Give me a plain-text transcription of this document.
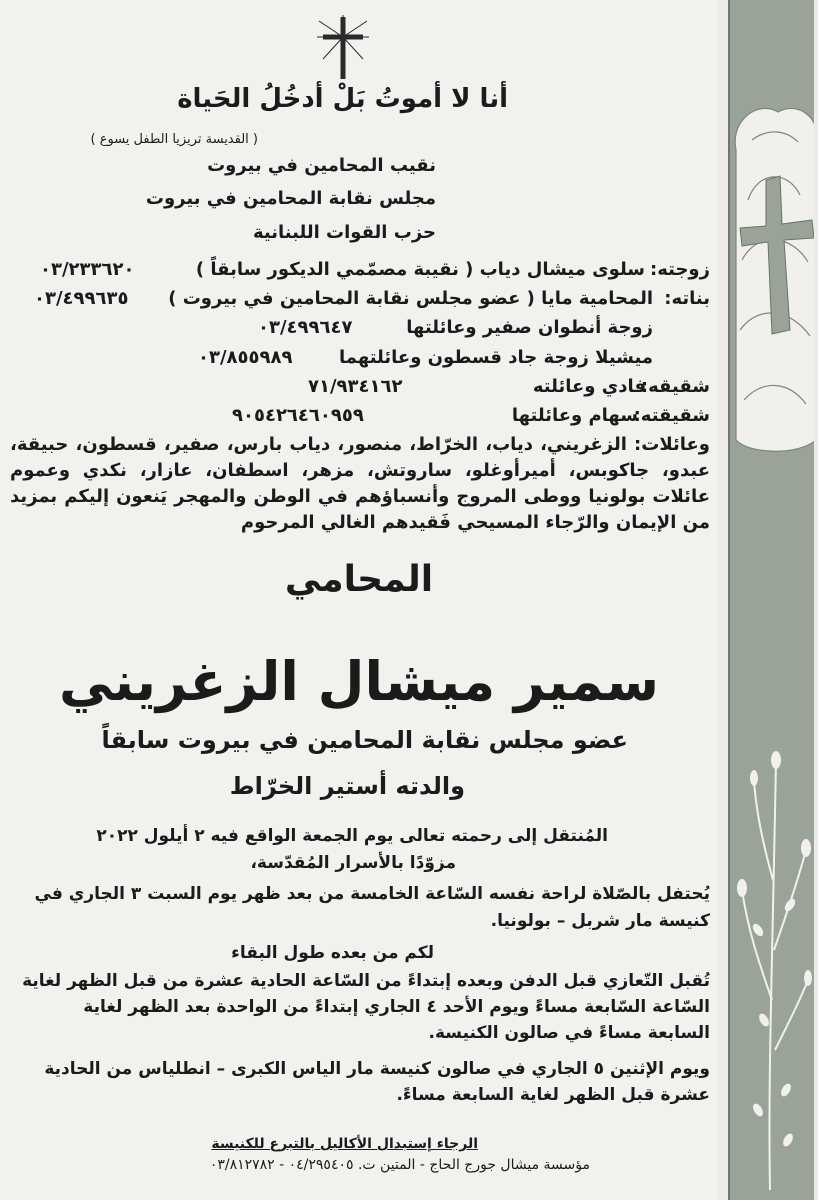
أنا لا أموتُ بَلْ أدخُلُ الحَياة
( القديسة تريزيا الطفل يسوع )
نقيب المحامين في بيروت
مجلس نقابة المحامين في بيروت
حزب القوات اللبنانية
زوجته:
سلوى ميشال دياب ( نقيبة مصمّمي الديكور سابقاً )
٠٣/٢٣٣٦٢٠
بناته:
المحامية مايا ( عضو مجلس نقابة المحامين في بيروت )
٠٣/٤٩٩٦٣٥
زوجة أنطوان صفير وعائلتها
٠٣/٤٩٩٦٤٧
ميشيلا زوجة جاد قسطون وعائلتهما
٠٣/٨٥٥٩٨٩
شقيقه:
فادي وعائلته
٧١/٩٣٤١٦٢
شقيقته:
سهام وعائلتها
٩٠٥٤٢٦٤٦٠٩٥٩
وعائلات: الزغريني، دياب، الخرّاط، منصور، دياب بارس، صفير، قسطون، حبيقة، عبدو، جاكوبس، أميرأوغلو، ساروتش، مزهر، اسطفان، عازار، نكدي وعموم عائلات بولونيا ووطى المروج وأنسباؤهم في الوطن والمهجر يَنعون إليكم بمزيد من الإيمان والرّجاء المسيحي فَقيدهم الغالي المرحوم
المحامي
سمير ميشال الزغريني
عضو مجلس نقابة المحامين في بيروت سابقاً
والدته أستير الخرّاط
المُنتقل إلى رحمته تعالى يوم الجمعة الواقع فيه ٢ أيلول ٢٠٢٢
مزوّدًا بالأسرار المُقدّسة،
يُحتفل بالصّلاة لراحة نفسه السّاعة الخامسة من بعد ظهر يوم السبت ٣ الجاري في
كنيسة مار شربل – بولونيا.
لكم من بعده طول البقاء
تُقبل التّعازي قبل الدفن وبعده إبتداءً من السّاعة الحادية عشرة من قبل الظهر لغاية
السّاعة السّابعة مساءً ويوم الأحد ٤ الجاري إبتداءً من الواحدة بعد الظهر لغاية
السابعة مساءً في صالون الكنيسة.
ويوم الإثنين ٥ الجاري في صالون كنيسة مار الياس الكبرى – انطلياس من الحادية
عشرة قبل الظهر لغاية السابعة مساءً.
الرجاء إستبدال الأكاليل بالتبرع للكنيسة
مؤسسة ميشال جورج الحاج - المتين ت. ٠٤/٢٩٥٤٠٥ - ٠٣/٨١٢٧٨٢
